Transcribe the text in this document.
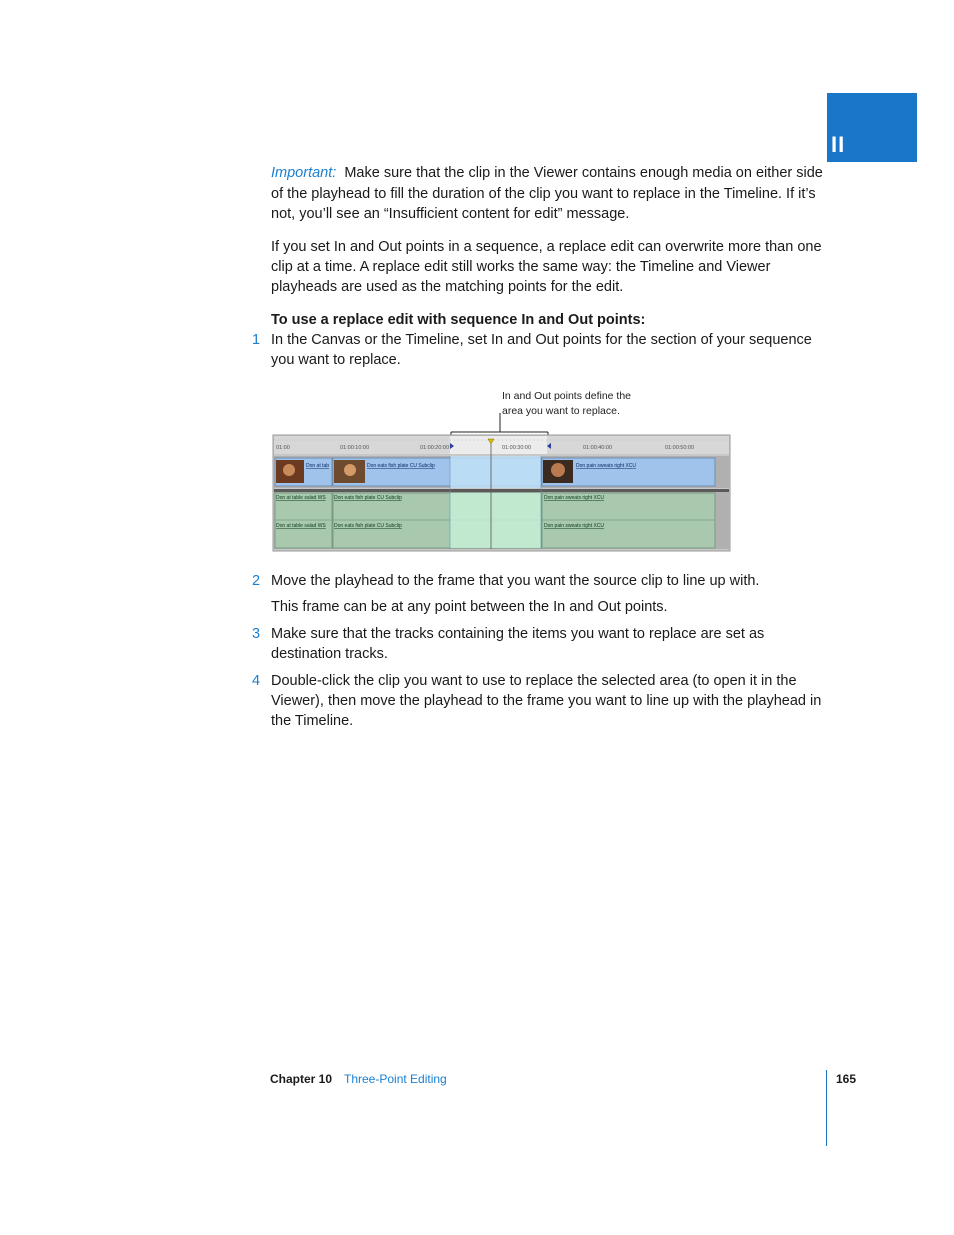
II
Important: Make sure that the clip in the Viewer contains enough media on either side
of the playhead to fill the duration of the clip you want to replace in the Timeline. If it’s
not, you’ll see an “Insufficient content for edit” message.
If you set In and Out points in a sequence, a replace edit can overwrite more than one
clip at a time. A replace edit still works the same way: the Timeline and Viewer
playheads are used as the matching points for the edit.
To use a replace edit with sequence In and Out points:
1 In the Canvas or the Timeline, set In and Out points for the section of your sequence
you want to replace.
In and Out points define the
area you want to replace.
01:00	01:00:10:00	01:00:20:00	01:00:30:00	01:00:40:00	01:00:50:00
Don at tab	Don eats fish plate CU Subclip	Don pain sweats right XCU
Don at table salad WS Don eats fish plate CU Subclip	Don pain sweats right XCU
Don at table salad WS Don eats fish plate CU Subclip	Don pain sweats right XCU
2 Move the playhead to the frame that you want the source clip to line up with.
This frame can be at any point between the In and Out points.
3 Make sure that the tracks containing the items you want to replace are set as
destination tracks.
4 Double-click the clip you want to use to replace the selected area (to open it in the
Viewer), then move the playhead to the frame you want to line up with the playhead in
the Timeline.
Chapter 10 Three-Point Editing	165
